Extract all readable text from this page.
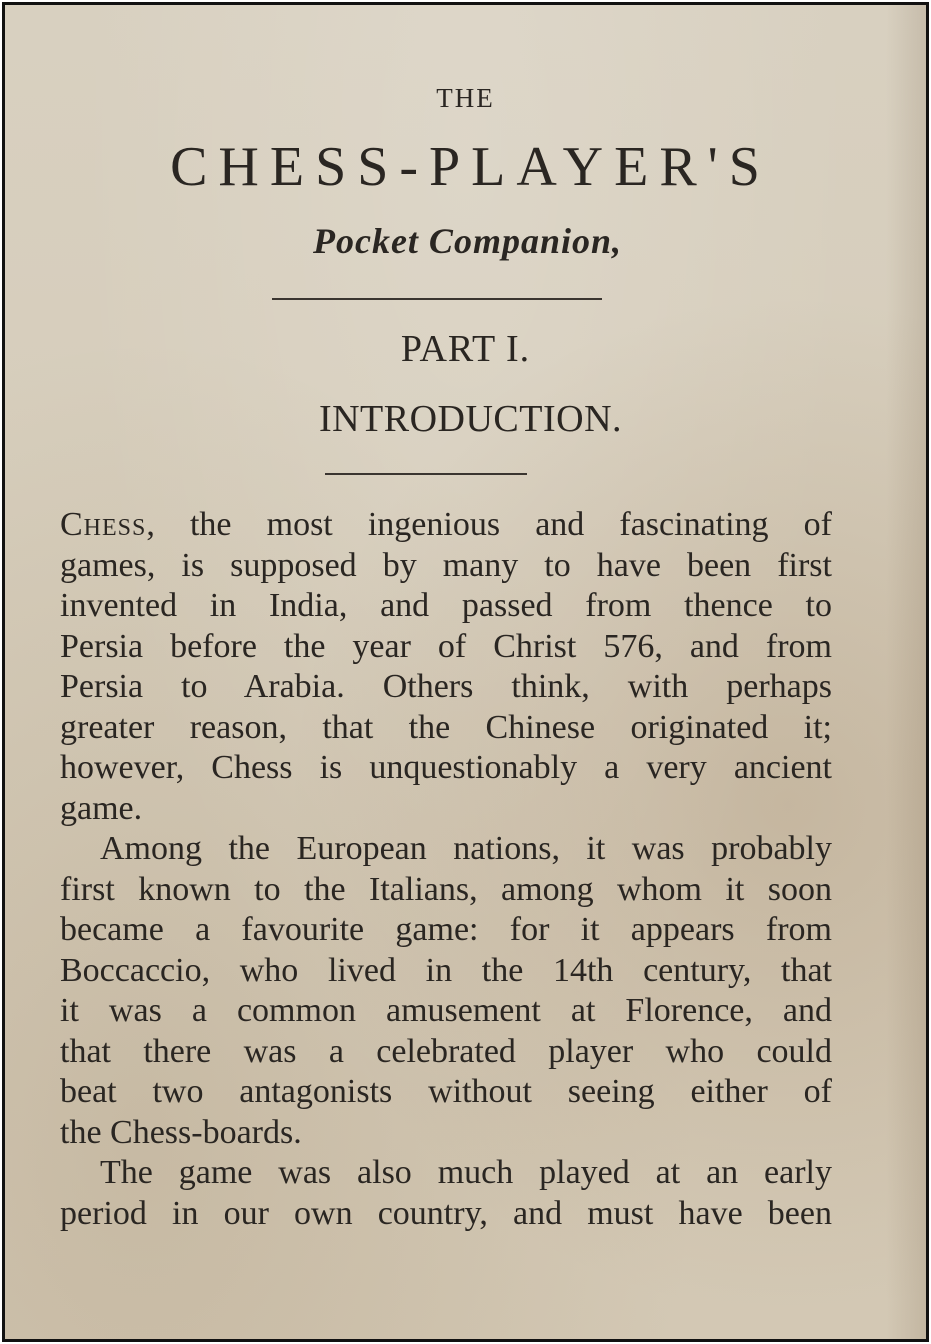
THE
CHESS-PLAYER'S
Pocket Companion,
PART I.
INTRODUCTION.
Chess, the most ingenious and fascinating of
games, is supposed by many to have been first
invented in India, and passed from thence to
Persia before the year of Christ 576, and from
Persia to Arabia. Others think, with perhaps
greater reason, that the Chinese originated it;
however, Chess is unquestionably a very ancient
game.
Among the European nations, it was probably
first known to the Italians, among whom it soon
became a favourite game: for it appears from
Boccaccio, who lived in the 14th century, that
it was a common amusement at Florence, and
that there was a celebrated player who could
beat two antagonists without seeing either of
the Chess-boards.
The game was also much played at an early
period in our own country, and must have been
